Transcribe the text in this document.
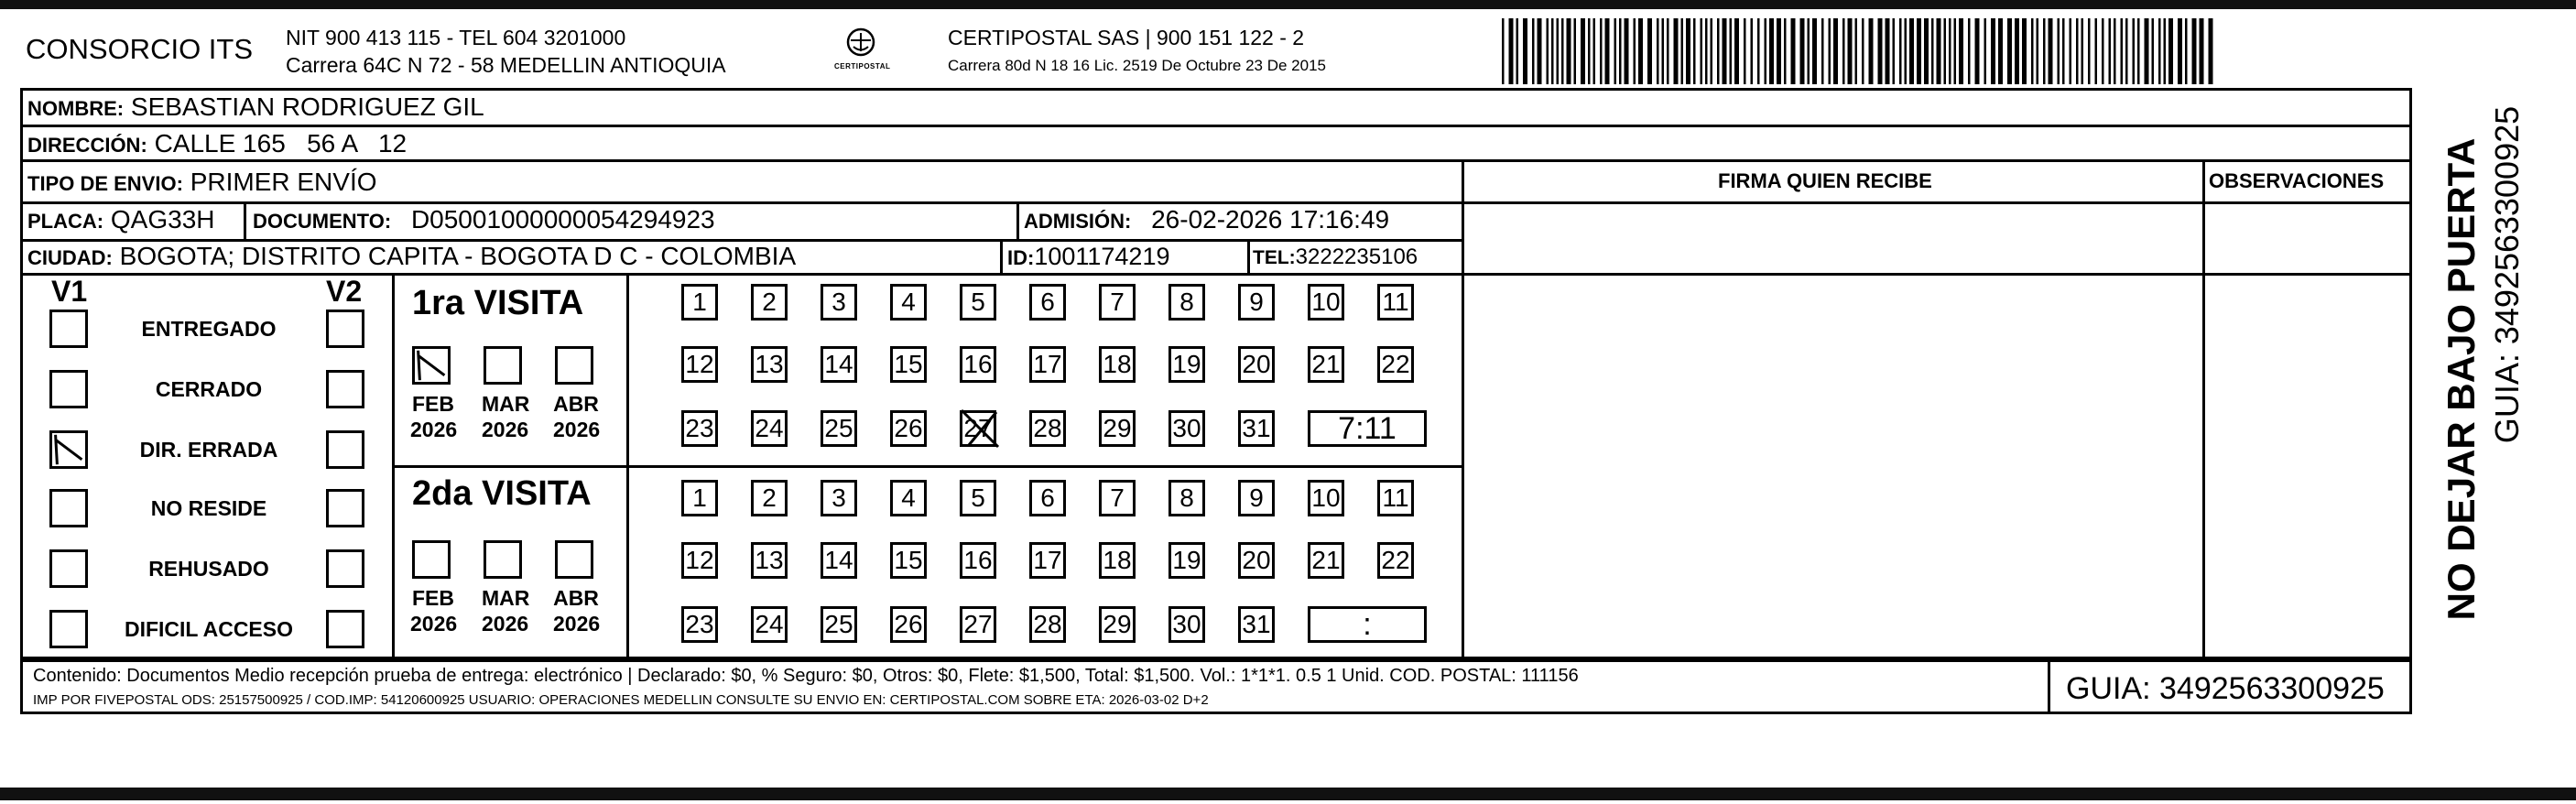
CONSORCIO ITS NIT 900 413 115 - TEL 604 3201000
Carrera 64C N 72 - 58 MEDELLIN ANTIOQUIA	CERTIPOSTAL
CERTIPOSTAL SAS | 900 151 122 - 2
Carrera 80d N 18 16 Lic. 2519 De Octubre 23 De 2015
NOMBRE: SEBASTIAN RODRIGUEZ GIL
DIRECCIÓN: CALLE 165   56 A   12
TIPO DE ENVIO: PRIMER ENVÍO	FIRMA QUIEN RECIBE	OBSERVACIONES
PLACA: QAG33H DOCUMENTO: D05001000000054294923	ADMISIÓN: 26-02-2026 17:16:49
CIUDAD: BOGOTA; DISTRITO CAPITA - BOGOTA D C - COLOMBIA	ID:1001174219	TEL:3222235106
V1	V2
ENTREGADO
CERRADO
DIR. ERRADA
NO RESIDE
REHUSADO
DIFICIL ACCESO
1ra VISITA
2da VISITA
FEB
2026
MAR
2026
ABR
2026
FEB
2026
MAR
2026
ABR
2026
1	2	3	4	5	6	7	8	9	10 11
12 13 14 15 16 17 18 19 20 21 22
23 24 25 26 27 28 29 30 31	7:11
1	2	3	4	5	6	7	8	9	10 11
12 13 14 15 16 17 18 19 20 21 22
23 24 25 26 27 28 29 30 31	:
Contenido: Documentos Medio recepción prueba de entrega: electrónico | Declarado: $0, % Seguro: $0, Otros: $0, Flete: $1,500, Total: $1,500. Vol.: 1*1*1. 0.5 1 Unid. COD. POSTAL: 111156
IMP POR FIVEPOSTAL ODS: 25157500925 / COD.IMP: 54120600925 USUARIO: OPERACIONES MEDELLIN CONSULTE SU ENVIO EN: CERTIPOSTAL.COM SOBRE ETA: 2026-03-02 D+2	GUIA: 3492563300925
NO DEJAR BAJO PUERTA GUIA: 3492563300925
